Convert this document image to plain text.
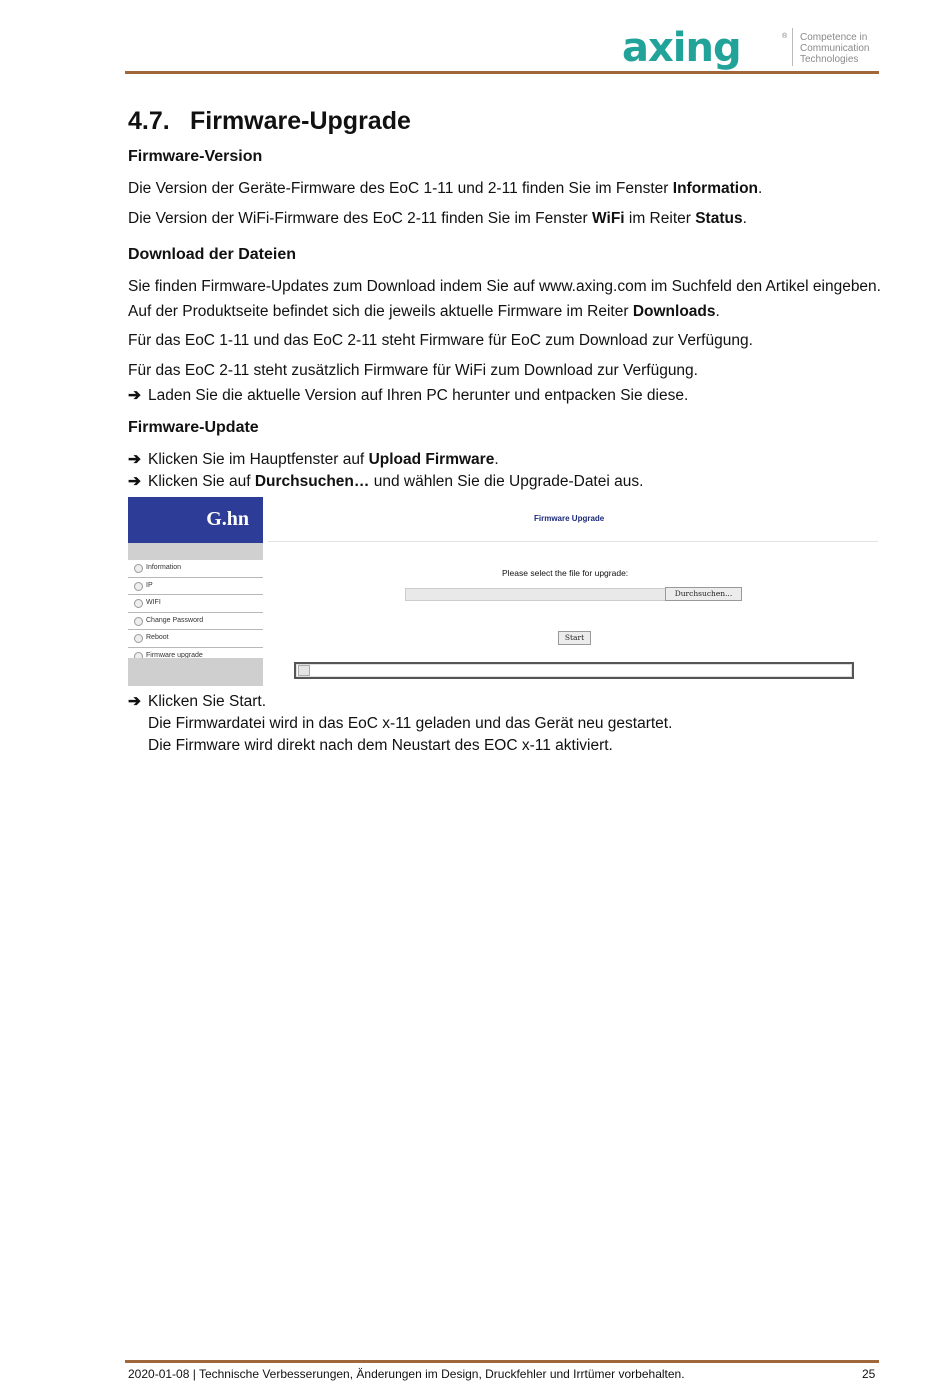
axing	® Competence in
Communication
Technologies
4.7. Firmware-Upgrade
Firmware-Version
Die Version der Geräte-Firmware des EoC 1-11 und 2-11 finden Sie im Fenster Information.
Die Version der WiFi-Firmware des EoC 2-11 finden Sie im Fenster WiFi im Reiter Status.
Download der Dateien
Sie finden Firmware-Updates zum Download indem Sie auf www.axing.com im Suchfeld den Artikel eingeben.
Auf der Produktseite befindet sich die jeweils aktuelle Firmware im Reiter Downloads.
Für das EoC 1-11 und das EoC 2-11 steht Firmware für EoC zum Download zur Verfügung.
Für das EoC 2-11 steht zusätzlich Firmware für WiFi zum Download zur Verfügung.
➔ Laden Sie die aktuelle Version auf Ihren PC herunter und entpacken Sie diese.
Firmware-Update
➔ Klicken Sie im Hauptfenster auf Upload Firmware.
➔ Klicken Sie auf Durchsuchen… und wählen Sie die Upgrade-Datei aus.
G.hn
Information
IP
WIFI
Change Password
Reboot
Firmware upgrade
Firmware Upgrade
Please select the file for upgrade:
Durchsuchen...
Start
➔ Klicken Sie Start.
Die Firmwardatei wird in das EoC x-11 geladen und das Gerät neu gestartet.
Die Firmware wird direkt nach dem Neustart des EOC x-11 aktiviert.
2020-01-08 | Technische Verbesserungen, Änderungen im Design, Druckfehler und Irrtümer vorbehalten.	25
